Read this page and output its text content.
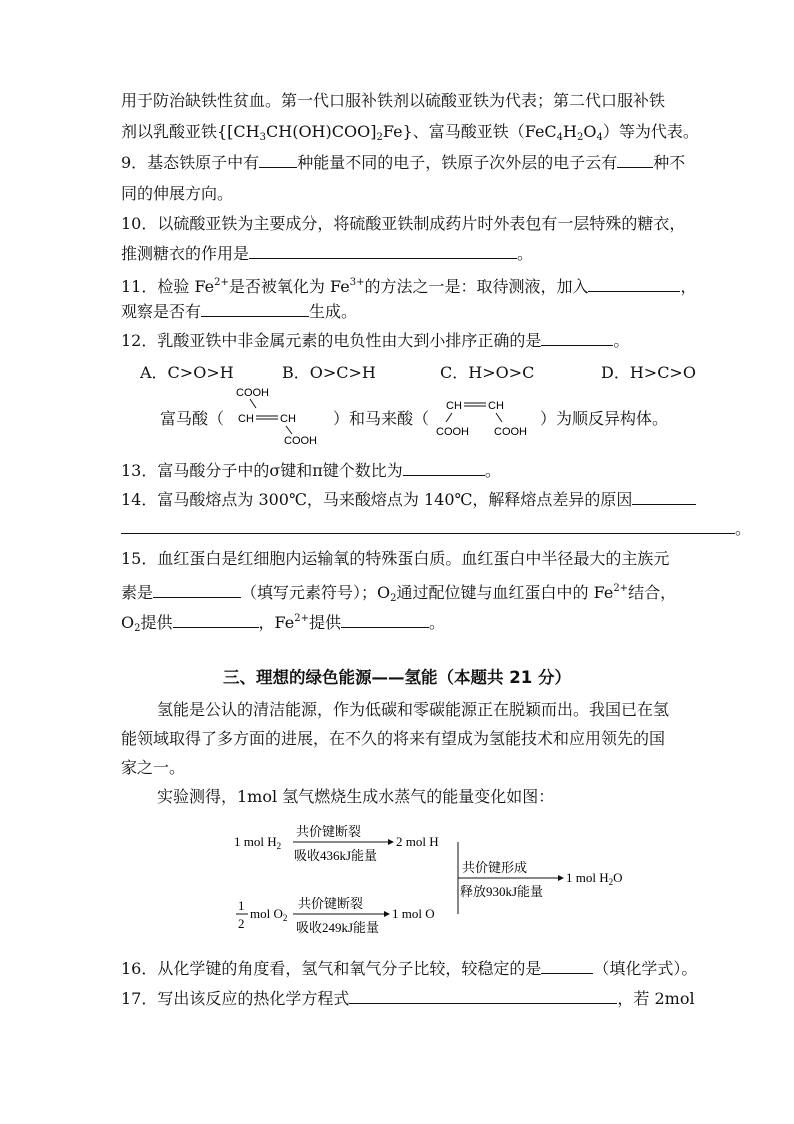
用于防治缺铁性贫血。第一代口服补铁剂以硫酸亚铁为代表；第二代口服补铁
剂以乳酸亚铁$\{[CH_3CH(OH)COO]_2Fe\}$、富马酸亚铁$(FeC_4H_2O_4)$等为代表。
9．基态铁原子中有 种能量不同的电子，铁原子次外层的电子云有 种不
同的伸展方向。
10．以硫酸亚铁为主要成分，将硫酸亚铁制成药片时外表包有一层特殊的糖衣，
推测糖衣的作用是	。
11．检验 $Fe^{2+}$是否被氧化为 $Fe^{3+}$的方法之一是：取待测液，加入	，
观察是否有	生成。
12．乳酸亚铁中非金属元素的电负性由大到小排序正确的是	。
A．C>O>H	B．O>C>H	C．H>O>C	D．H>C>O
富马酸（
COOH
CH CH
COOH
）和马来酸（
CH CH
COOH COOH
）为顺反异构体。
13．富马酸分子中的σ键和π键个数比为	。
14．富马酸熔点为 300℃，马来酸熔点为 140℃，解释熔点差异的原因
。
15．血红蛋白是红细胞内运输氧的特殊蛋白质。血红蛋白中半径最大的主族元
素是	（填写元素符号）；$O_2$通过配位键与血红蛋白中的 $Fe^{2+}$结合，
$O_2$提供	，$Fe^{2+}$提供	。
三、理想的绿色能源——氢能（本题共 21 分）
氢能是公认的清洁能源，作为低碳和零碳能源正在脱颖而出。我国已在氢
能领域取得了多方面的进展，在不久的将来有望成为氢能技术和应用领先的国
家之一。
实验测得，1mol 氢气燃烧生成水蒸气的能量变化如图：
1 mol $H_2$
共价键断裂
吸收436kJ能量
2 mol H
1
2
mol $O_2$
共价键断裂
吸收249kJ能量
1 mol O
共价键形成
释放930kJ能量
1 mol $H_2O$
16．从化学键的角度看，氢气和氧气分子比较，较稳定的是	（填化学式）。
17．写出该反应的热化学方程式	，若 2mol
